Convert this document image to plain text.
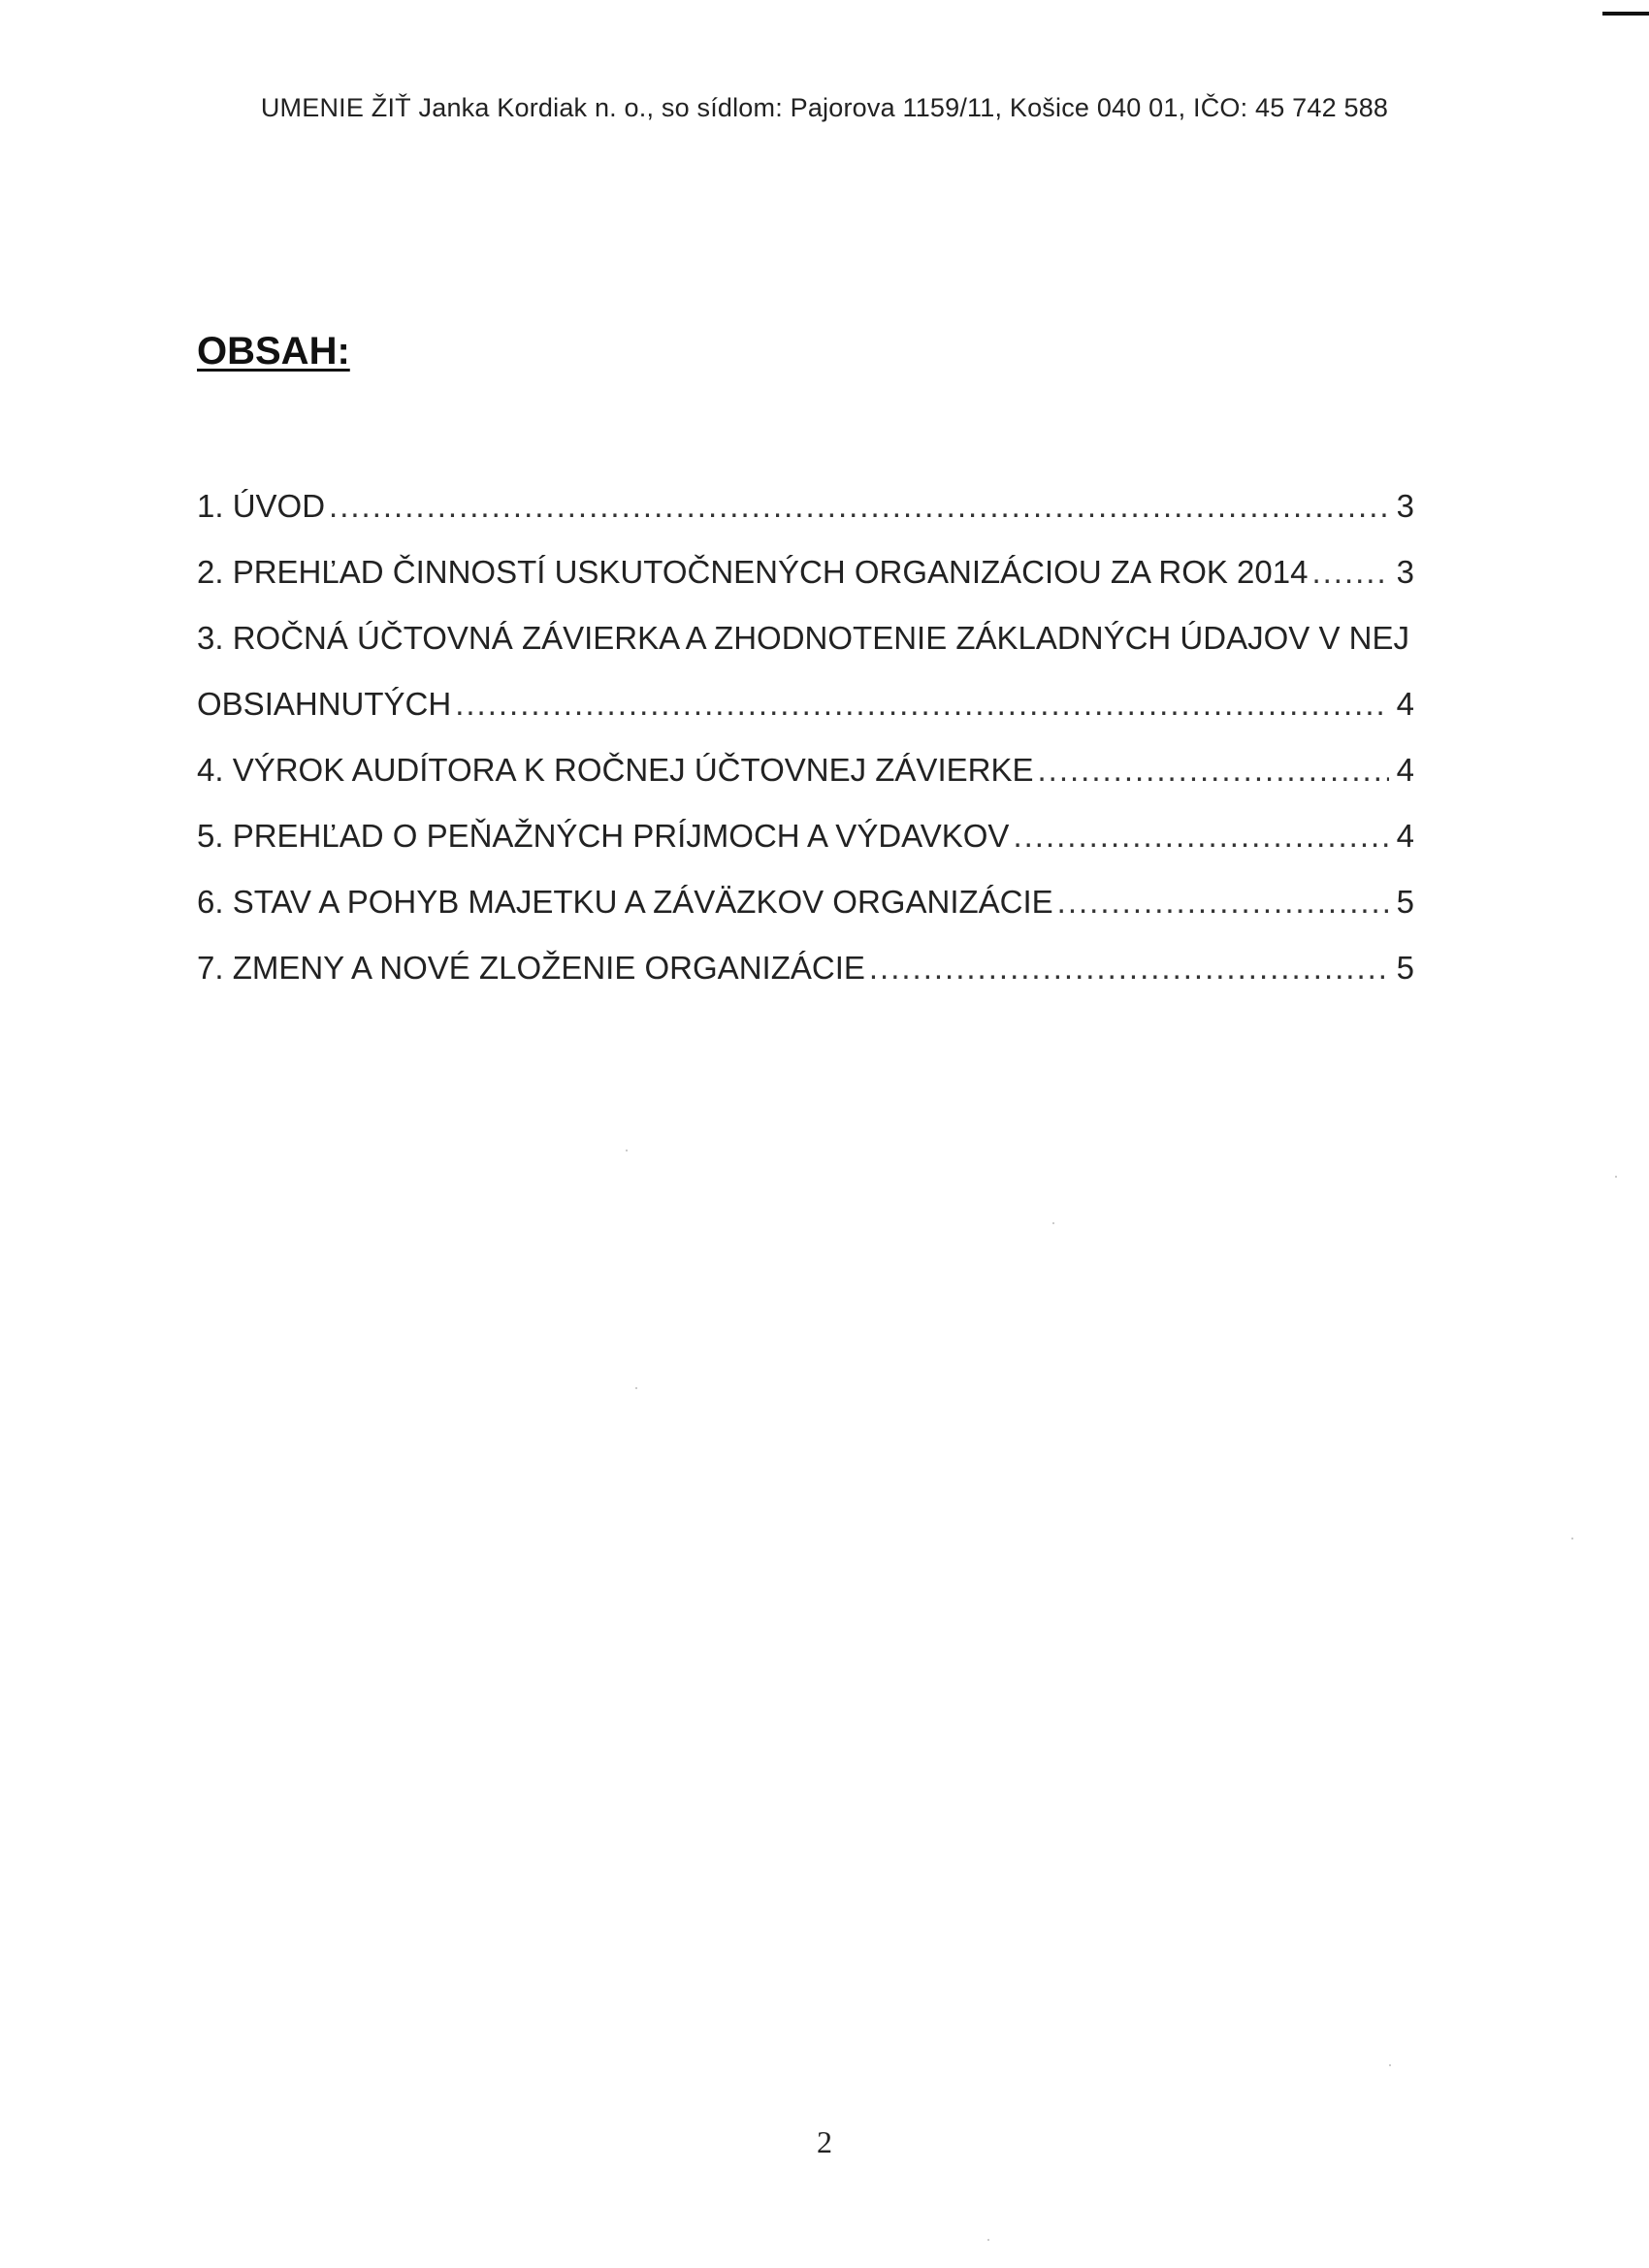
UMENIE ŽIŤ Janka Kordiak n. o., so sídlom: Pajorova 1159/11, Košice 040 01, IČO: 45 742 588
OBSAH:
1. ÚVOD .....	3
2. PREHĽAD ČINNOSTÍ USKUTOČNENÝCH ORGANIZÁCIOU ZA ROK 2014 .....	3
3. ROČNÁ ÚČTOVNÁ ZÁVIERKA A ZHODNOTENIE ZÁKLADNÝCH ÚDAJOV V NEJ
OBSIAHNUTÝCH .....	4
4. VÝROK AUDÍTORA K ROČNEJ ÚČTOVNEJ ZÁVIERKE .....	4
5. PREHĽAD O PEŇAŽNÝCH PRÍJMOCH A VÝDAVKOV .....	4
6. STAV A POHYB MAJETKU A ZÁVÄZKOV ORGANIZÁCIE .....	5
7. ZMENY A NOVÉ ZLOŽENIE ORGANIZÁCIE .....	5
2
